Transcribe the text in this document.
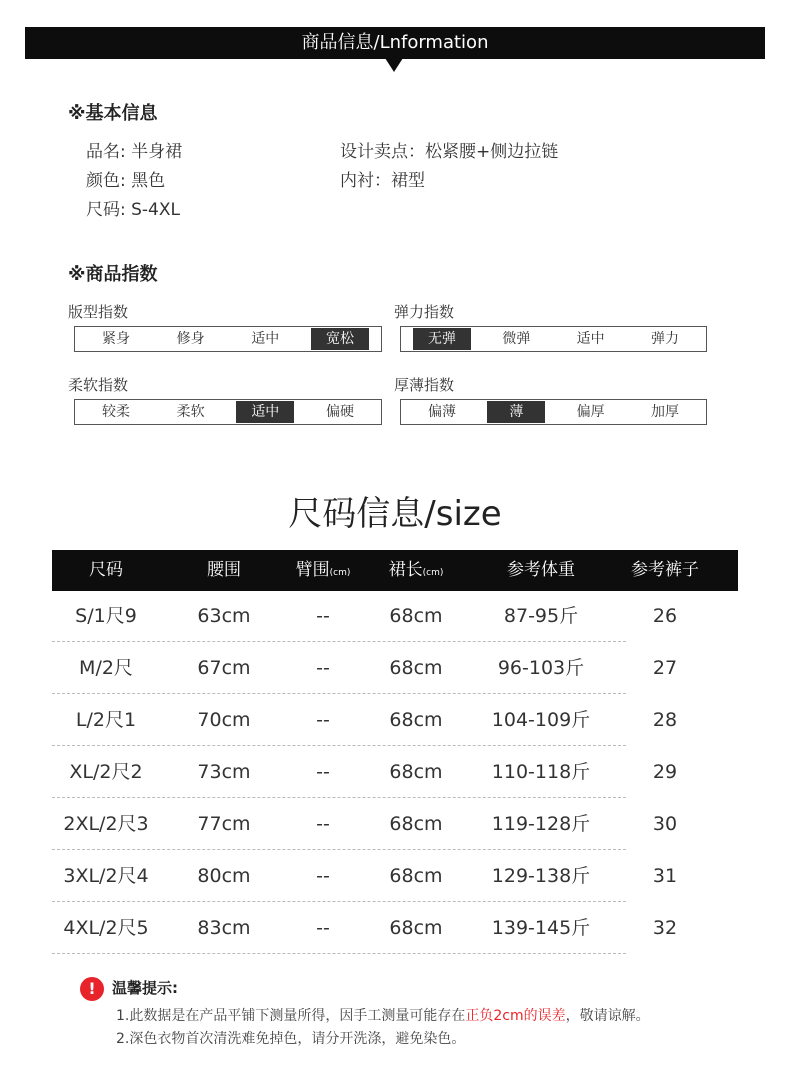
商品信息/Lnformation
※基本信息
品名: 半身裙
颜色: 黑色
尺码: S-4XL
设计卖点：松紧腰+侧边拉链
内衬：裙型
※商品指数
版型指数
紧身	修身	适中	宽松
弹力指数
无弹	微弹	适中	弹力
柔软指数
较柔	柔软	适中	偏硬
厚薄指数
偏薄	薄	偏厚	加厚
尺码信息/size
尺码	腰围	臂围(cm)	裙长(cm)	参考体重	参考裤子
S/1尺9	63cm	--	68cm	87-95斤	26
M/2尺	67cm	--	68cm	96-103斤	27
L/2尺1	70cm	--	68cm	104-109斤	28
XL/2尺2	73cm	--	68cm	110-118斤	29
2XL/2尺3	77cm	--	68cm	119-128斤	30
3XL/2尺4	80cm	--	68cm	129-138斤	31
4XL/2尺5	83cm	--	68cm	139-145斤	32
!	温馨提示:
1.此数据是在产品平铺下测量所得，因手工测量可能存在正负2cm的误差，敬请谅解。
2.深色衣物首次清洗难免掉色，请分开洗涤，避免染色。
